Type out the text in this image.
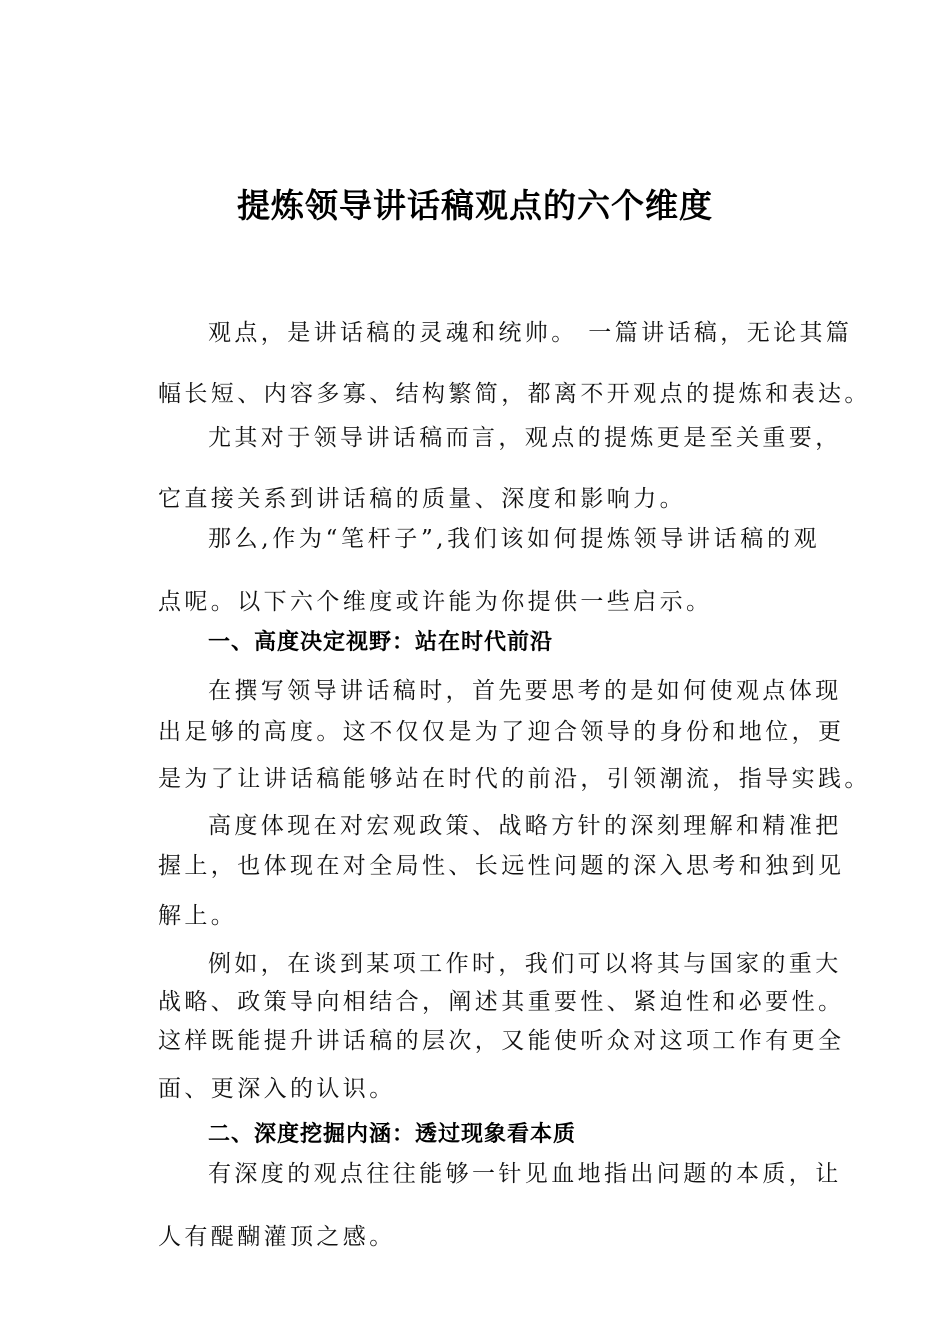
提炼领导讲话稿观点的六个维度
观点，是讲话稿的灵魂和统帅。 一篇讲话稿，无论其篇
幅长短、内容多寡、结构繁简，都离不开观点的提炼和表达。
尤其对于领导讲话稿而言，观点的提炼更是至关重要，
它直接关系到讲话稿的质量、深度和影响力。
那么,作为“笔杆子”,我们该如何提炼领导讲话稿的观
点呢。以下六个维度或许能为你提供一些启示。
一、高度决定视野：站在时代前沿
在撰写领导讲话稿时，首先要思考的是如何使观点体现
出足够的高度。这不仅仅是为了迎合领导的身份和地位，更
是为了让讲话稿能够站在时代的前沿，引领潮流，指导实践。
高度体现在对宏观政策、战略方针的深刻理解和精准把
握上，也体现在对全局性、长远性问题的深入思考和独到见
解上。
例如，在谈到某项工作时，我们可以将其与国家的重大
战略、政策导向相结合，阐述其重要性、紧迫性和必要性。
这样既能提升讲话稿的层次，又能使听众对这项工作有更全
面、更深入的认识。
二、深度挖掘内涵：透过现象看本质
有深度的观点往往能够一针见血地指出问题的本质，让
人有醍醐灌顶之感。
